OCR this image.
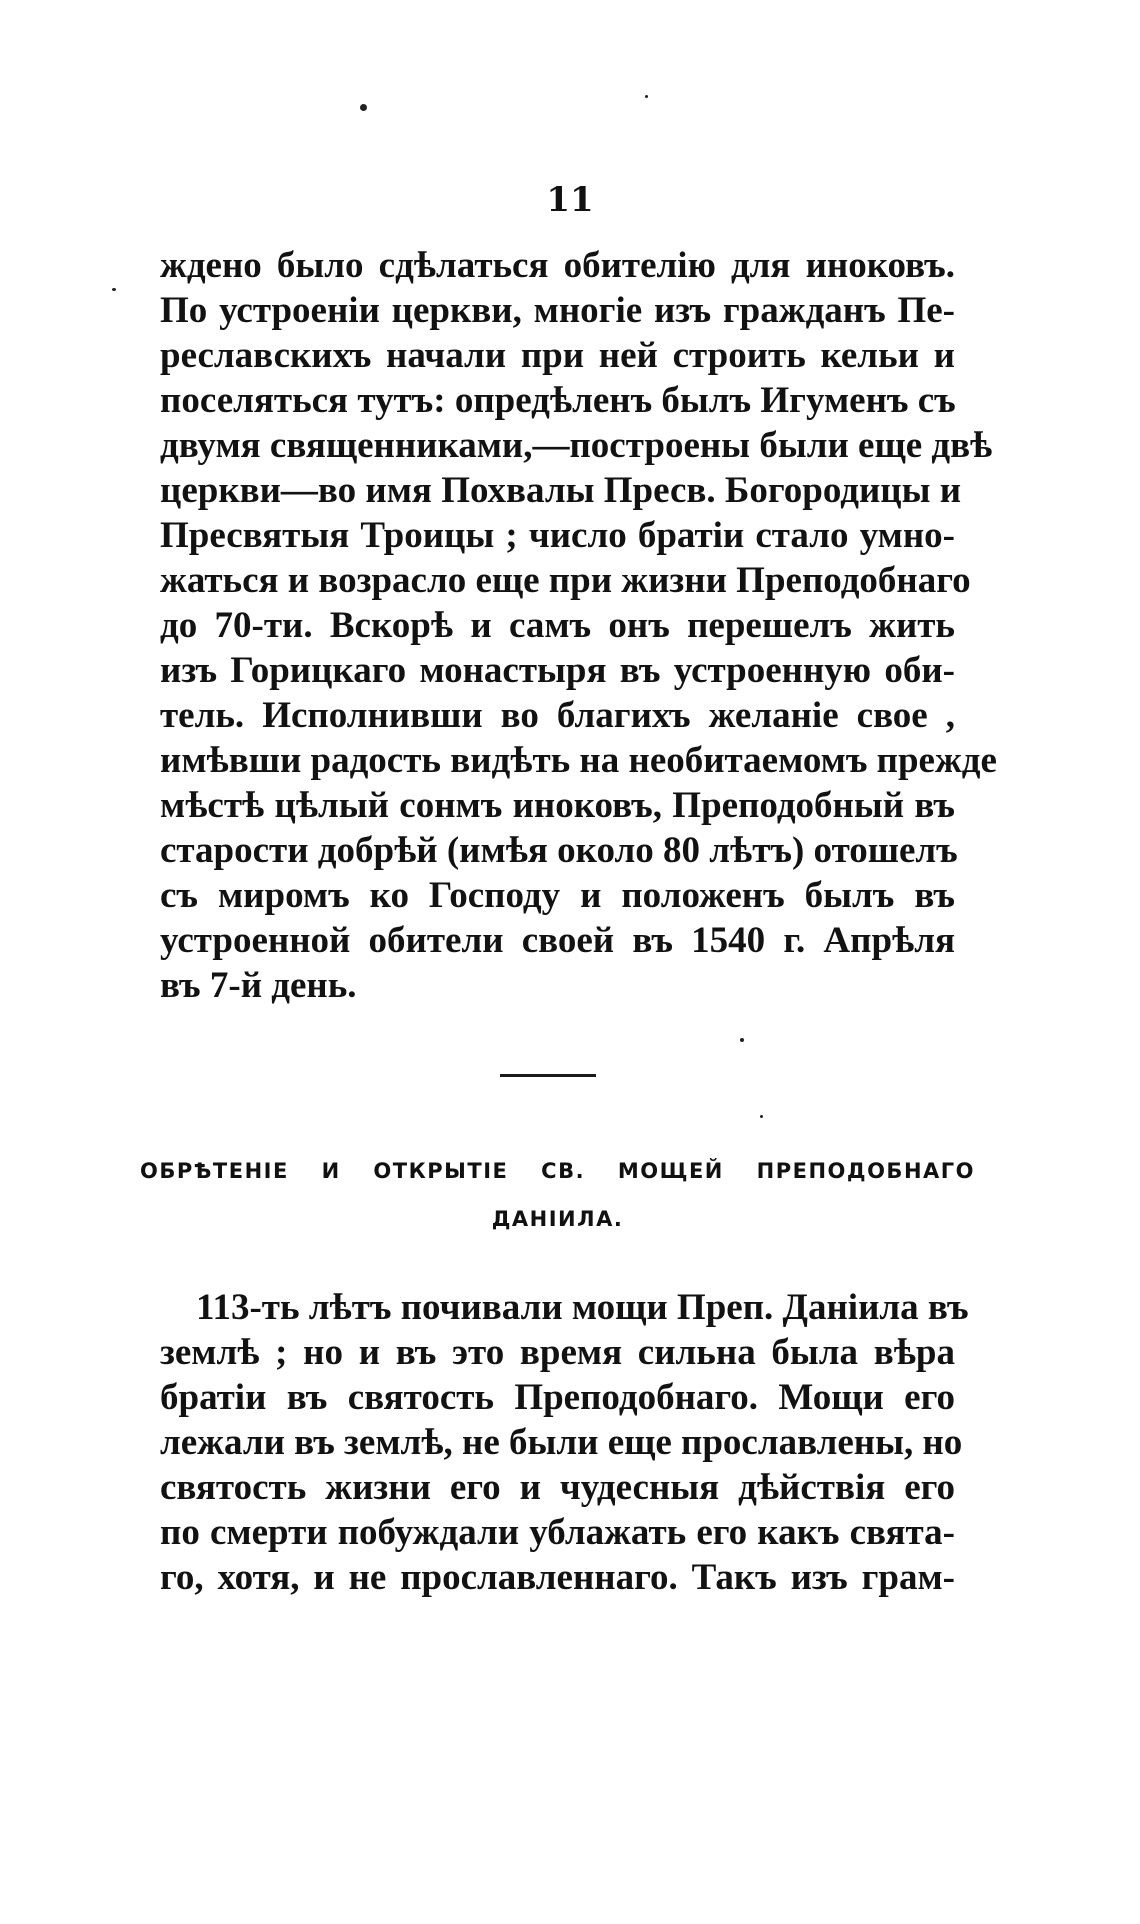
11
ждено было сдѣлаться обителію для иноковъ.
По устроеніи церкви, многіе изъ гражданъ Пе-
реславскихъ начали при ней строить кельи и
поселяться тутъ: опредѣленъ былъ Игуменъ съ
двумя священниками,—построены были еще двѣ
церкви—во имя Похвалы Пресв. Богородицы и
Пресвятыя Троицы ; число братіи стало умно-
жаться и возрасло еще при жизни Преподобнаго
до 70-ти. Вскорѣ и самъ онъ перешелъ жить
изъ Горицкаго монастыря въ устроенную оби-
тель. Исполнивши во благихъ желаніе свое ,
имѣвши радость видѣть на необитаемомъ прежде
мѣстѣ цѣлый сонмъ иноковъ, Преподобный въ
старости добрѣй (имѣя около 80 лѣтъ) отошелъ
съ миромъ ко Господу и положенъ былъ въ
устроенной обители своей въ 1540 г. Апрѣля
въ 7-й день.
ОБРѢТЕНІЕ И ОТКРЫТІЕ СВ. МОЩЕЙ ПРЕПОДОБНАГО
ДАНІИЛА.
113-ть лѣтъ почивали мощи Преп. Даніила въ
землѣ ; но и въ это время сильна была вѣра
братіи въ святость Преподобнаго. Мощи его
лежали въ землѣ, не были еще прославлены, но
святость жизни его и чудесныя дѣйствія его
по смерти побуждали ублажать его какъ свята-
го, хотя, и не прославленнаго. Такъ изъ грам-
